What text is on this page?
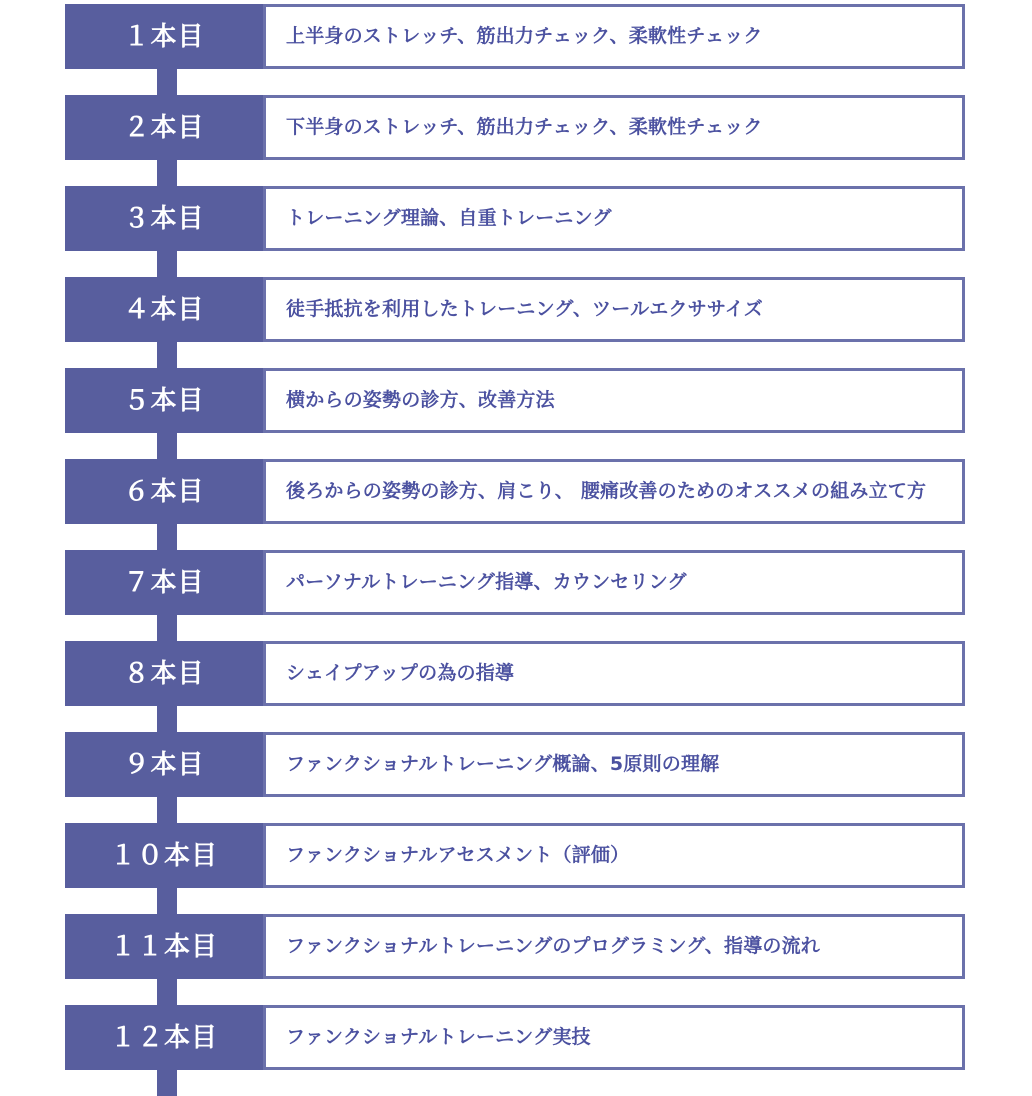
１本目	上半身のストレッチ、筋出力チェック、柔軟性チェック
２本目	下半身のストレッチ、筋出力チェック、柔軟性チェック
３本目	トレーニング理論、自重トレーニング
４本目	徒手抵抗を利用したトレーニング、ツールエクササイズ
５本目	横からの姿勢の診方、改善方法
６本目	後ろからの姿勢の診方、肩こり、 腰痛改善のためのオススメの組み立て方
７本目	パーソナルトレーニング指導、カウンセリング
８本目	シェイプアップの為の指導
９本目	ファンクショナルトレーニング概論、5原則の理解
１０本目	ファンクショナルアセスメント（評価）
１１本目	ファンクショナルトレーニングのプログラミング、指導の流れ
１２本目	ファンクショナルトレーニング実技
